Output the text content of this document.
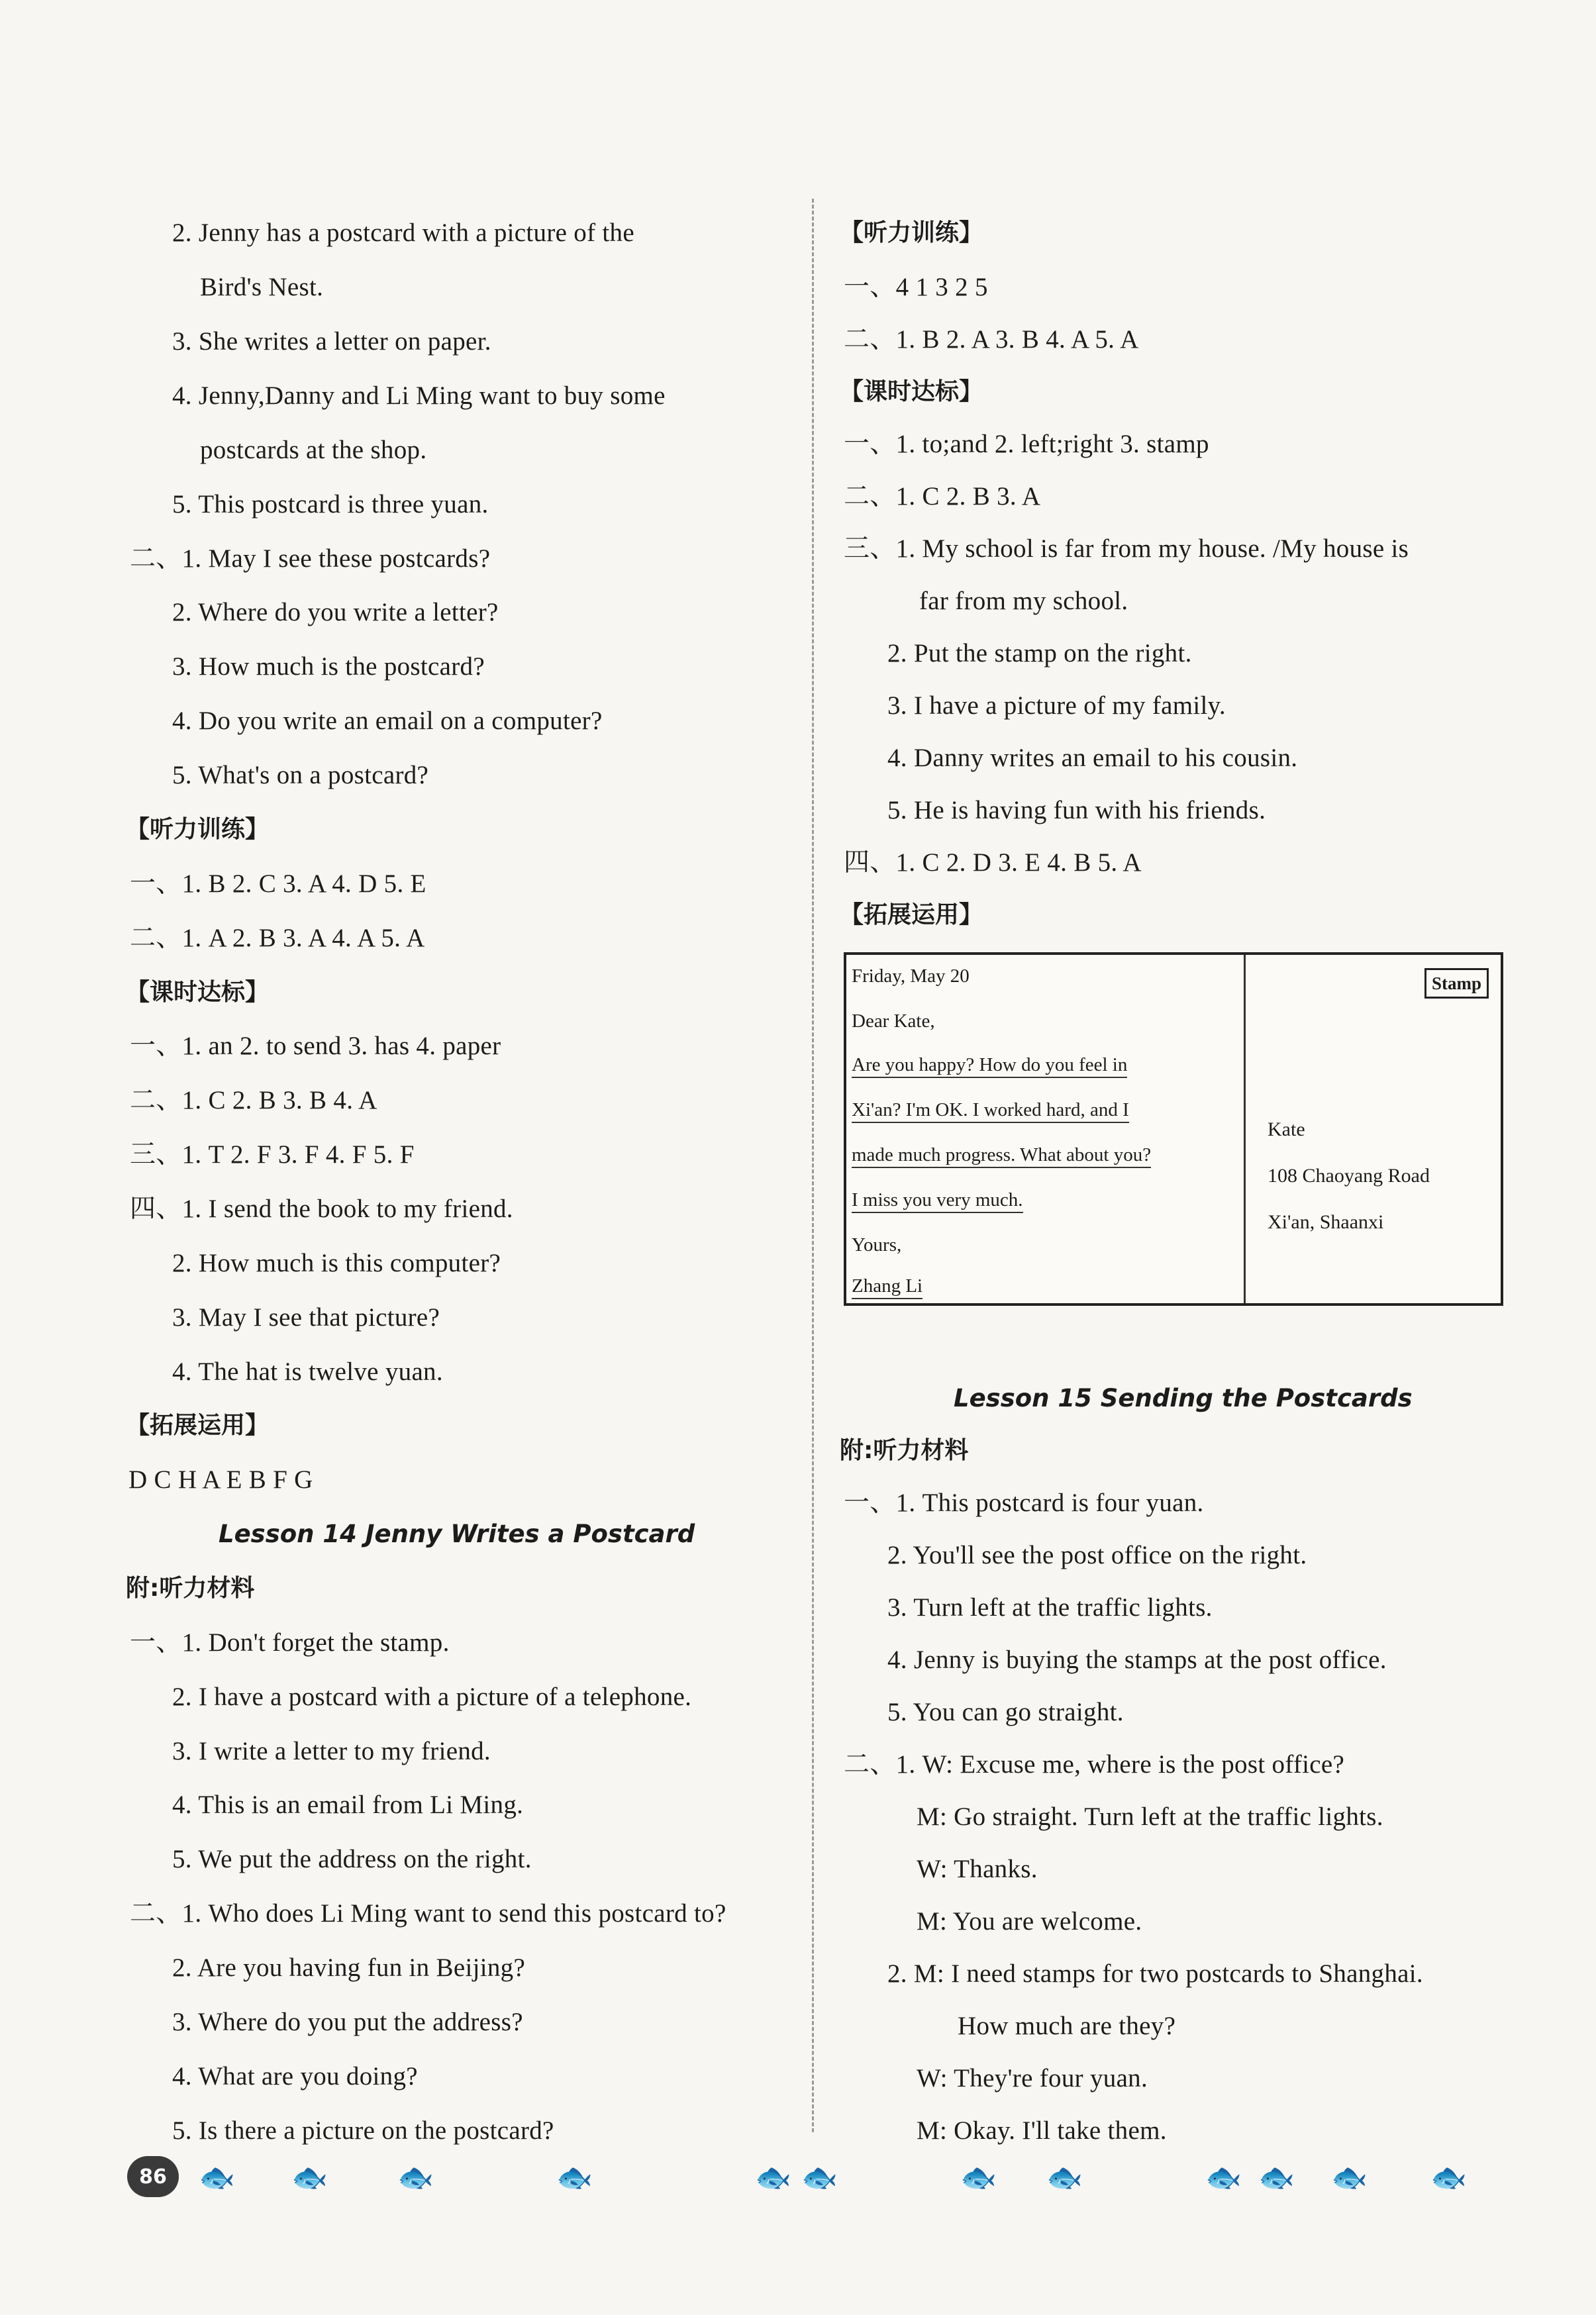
2. Jenny has a postcard with a picture of the
Bird's Nest.
3. She writes a letter on paper.
4. Jenny,Danny and Li Ming want to buy some
postcards at the shop.
5. This postcard is three yuan.
二、1. May I see these postcards?
2. Where do you write a letter?
3. How much is the postcard?
4. Do you write an email on a computer?
5. What's on a postcard?
【听力训练】
一、1. B 2. C 3. A 4. D 5. E
二、1. A 2. B 3. A 4. A 5. A
【课时达标】
一、1. an 2. to send 3. has 4. paper
二、1. C 2. B 3. B 4. A
三、1. T 2. F 3. F 4. F 5. F
四、1. I send the book to my friend.
2. How much is this computer?
3. May I see that picture?
4. The hat is twelve yuan.
【拓展运用】
D C H A E B F G
Lesson 14 Jenny Writes a Postcard
附:听力材料
一、1. Don't forget the stamp.
2. I have a postcard with a picture of a telephone.
3. I write a letter to my friend.
4. This is an email from Li Ming.
5. We put the address on the right.
二、1. Who does Li Ming want to send this postcard to?
2. Are you having fun in Beijing?
3. Where do you put the address?
4. What are you doing?
5. Is there a picture on the postcard?
【听力训练】
一、4 1 3 2 5
二、1. B 2. A 3. B 4. A 5. A
【课时达标】
一、1. to;and 2. left;right 3. stamp
二、1. C 2. B 3. A
三、1. My school is far from my house. /My house is
far from my school.
2. Put the stamp on the right.
3. I have a picture of my family.
4. Danny writes an email to his cousin.
5. He is having fun with his friends.
四、1. C 2. D 3. E 4. B 5. A
【拓展运用】
Friday, May 20
Dear Kate,
Are you happy? How do you feel in
Xi'an? I'm OK. I worked hard, and I
made much progress. What about you?
I miss you very much.
Yours,
Zhang Li
Stamp
Kate
108 Chaoyang Road
Xi'an, Shaanxi
Lesson 15 Sending the Postcards
附:听力材料
一、1. This postcard is four yuan.
2. You'll see the post office on the right.
3. Turn left at the traffic lights.
4. Jenny is buying the stamps at the post office.
5. You can go straight.
二、1. W: Excuse me, where is the post office?
M: Go straight. Turn left at the traffic lights.
W: Thanks.
M: You are welcome.
2. M: I need stamps for two postcards to Shanghai.
How much are they?
W: They're four yuan.
M: Okay. I'll take them.
86	🐟 🐟 🐟	🐟	🐟 🐟	🐟 🐟	🐟 🐟 🐟 🐟
